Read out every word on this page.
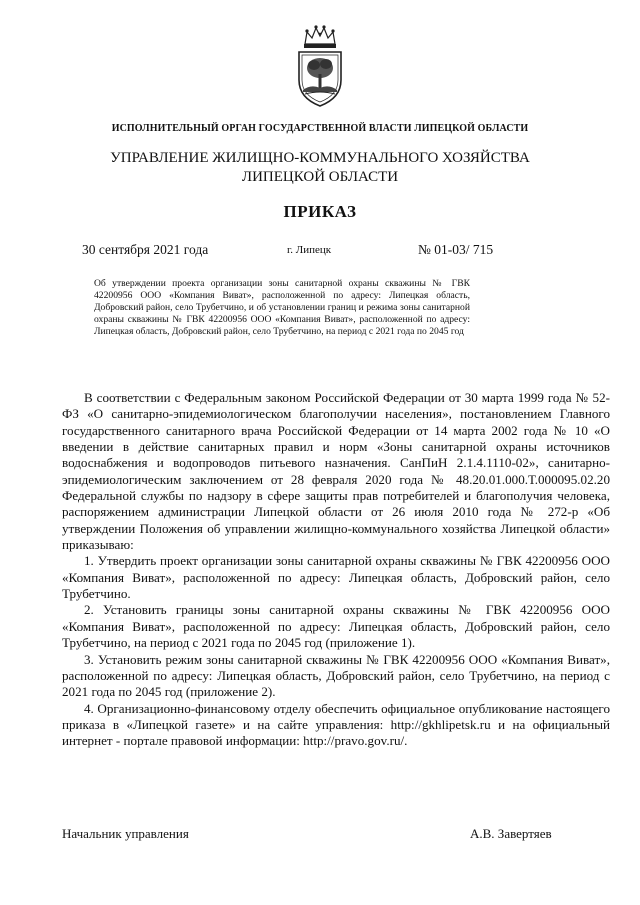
ИСПОЛНИТЕЛЬНЫЙ ОРГАН ГОСУДАРСТВЕННОЙ ВЛАСТИ ЛИПЕЦКОЙ ОБЛАСТИ
УПРАВЛЕНИЕ ЖИЛИЩНО-КОММУНАЛЬНОГО ХОЗЯЙСТВА
ЛИПЕЦКОЙ ОБЛАСТИ
ПРИКАЗ
30 сентября 2021 года	г. Липецк	№ 01-03/ 715
Об утверждении проекта организации зоны санитарной охраны скважины № ГВК 42200956 ООО «Компания Виват», расположенной по адресу: Липецкая область, Добровский район, село Трубетчино, и об установлении границ и режима зоны санитарной охраны скважины № ГВК 42200956 ООО «Компания Виват», расположенной по адресу: Липецкая область, Добровский район, село Трубетчино, на период с 2021 года по 2045 год

В соответствии с Федеральным законом Российской Федерации от 30 марта 1999 года № 52-ФЗ «О санитарно-эпидемиологическом благополучии населения», постановлением Главного государственного санитарного врача Российской Федерации от 14 марта 2002 года № 10 «О введении в действие санитарных правил и норм «Зоны санитарной охраны источников водоснабжения и водопроводов питьевого назначения. СанПиН 2.1.4.1110-02», санитарно-эпидемиологическим заключением от 28 февраля 2020 года № 48.20.01.000.Т.000095.02.20 Федеральной службы по надзору в сфере защиты прав потребителей и благополучия человека, распоряжением администрации Липецкой области от 26 июля 2010 года № 272-р «Об утверждении Положения об управлении жилищно-коммунального хозяйства Липецкой области» приказываю:

1. Утвердить проект организации зоны санитарной охраны скважины № ГВК 42200956 ООО «Компания Виват», расположенной по адресу: Липецкая область, Добровский район, село Трубетчино.

2. Установить границы зоны санитарной охраны скважины № ГВК 42200956 ООО «Компания Виват», расположенной по адресу: Липецкая область, Добровский район, село Трубетчино, на период с 2021 года по 2045 год (приложение 1).

3. Установить режим зоны санитарной скважины № ГВК 42200956 ООО «Компания Виват», расположенной по адресу: Липецкая область, Добровский район, село Трубетчино, на период с 2021 года по 2045 год (приложение 2).

4. Организационно-финансовому отделу обеспечить официальное опубликование настоящего приказа в «Липецкой газете» и на сайте управления: http://gkhlipetsk.ru и на официальный интернет - портале правовой информации: http://pravo.gov.ru/.

Начальник управления	А.В. Завертяев
